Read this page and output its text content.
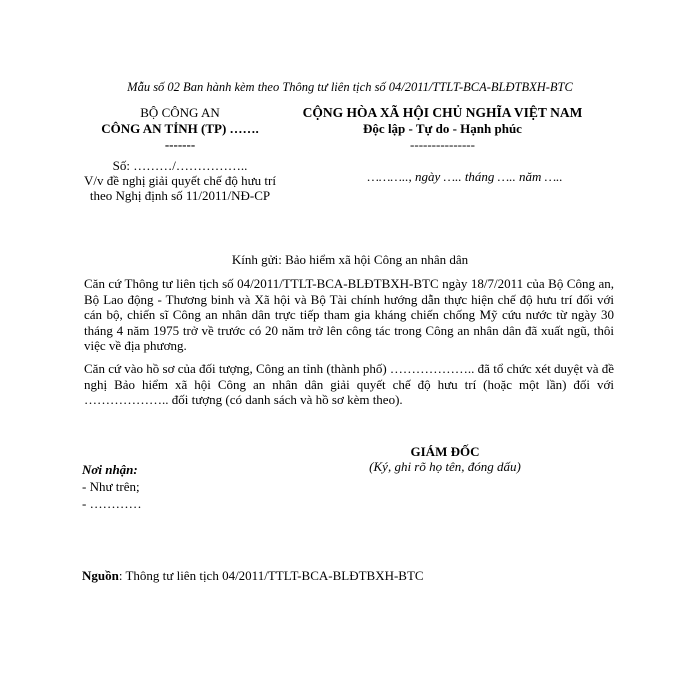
Mẫu số 02 Ban hành kèm theo Thông tư liên tịch số 04/2011/TTLT-BCA-BLĐTBXH-BTC
BỘ CÔNG AN
CÔNG AN TỈNH (TP) …….
-------
CỘNG HÒA XÃ HỘI CHỦ NGHĨA VIỆT NAM
Độc lập - Tự do - Hạnh phúc
---------------
Số: ………/……………..
V/v đề nghị giải quyết chế độ hưu trí theo Nghị định số 11/2011/NĐ-CP
……….., ngày ….. tháng ….. năm …..
Kính gửi: Bảo hiểm xã hội Công an nhân dân
Căn cứ Thông tư liên tịch số 04/2011/TTLT-BCA-BLĐTBXH-BTC ngày 18/7/2011 của Bộ Công an, Bộ Lao động - Thương binh và Xã hội và Bộ Tài chính hướng dẫn thực hiện chế độ hưu trí đối với cán bộ, chiến sĩ Công an nhân dân trực tiếp tham gia kháng chiến chống Mỹ cứu nước từ ngày 30 tháng 4 năm 1975 trở về trước có 20 năm trở lên công tác trong Công an nhân dân đã xuất ngũ, thôi việc về địa phương.
Căn cứ vào hồ sơ của đối tượng, Công an tỉnh (thành phố) ……………….. đã tổ chức xét duyệt và đề nghị Bảo hiểm xã hội Công an nhân dân giải quyết chế độ hưu trí (hoặc một lần) đối với ……………….. đối tượng (có danh sách và hồ sơ kèm theo).
GIÁM ĐỐC
(Ký, ghi rõ họ tên, đóng dấu)
Nơi nhận:
- Như trên;
- …………
Nguồn: Thông tư liên tịch 04/2011/TTLT-BCA-BLĐTBXH-BTC
